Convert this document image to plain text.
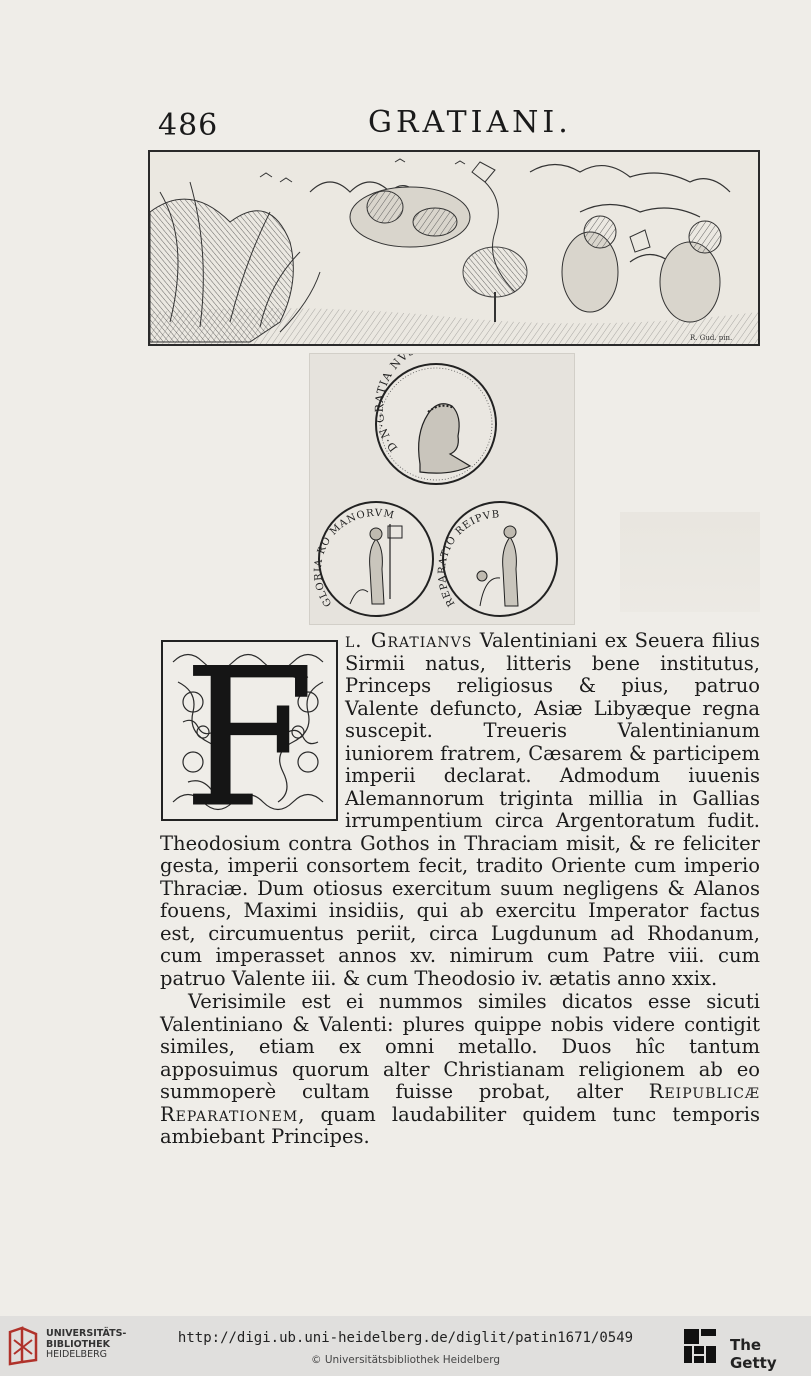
486	GRATIANI.
R. Gud. pin.
D·N·GRATIA NV
GLORIA RO MANORVM
REPARATIO REIPVB
F	l. Gratianvs Valentiniani ex Seuera filius Sirmii natus, litteris bene institutus, Princeps religiosus & pius, patruo Valente defuncto, Asiæ Libyæque regna suscepit. Treueris Valentinianum iuniorem fratrem, Cæsarem & participem imperii declarat. Admodum iuuenis Alemannorum triginta millia in Gallias irrumpentium circa Argentoratum fudit. Theodosium contra Gothos in Thraciam misit, & re feliciter gesta, imperii consortem fecit, tradito Oriente cum imperio Thraciæ. Dum otiosus exercitum suum negligens & Alanos fouens, Maximi insidiis, qui ab exercitu Imperator factus est, circumuentus periit, circa Lugdunum ad Rhodanum, cum imperasset annos xv. nimirum cum Patre viii. cum patruo Valente iii. & cum Theodosio iv. ætatis anno xxix.

Verisimile est ei nummos similes dicatos esse sicuti Valentiniano & Valenti: plures quippe nobis videre contigit similes, etiam ex omni metallo. Duos hîc tantum apposuimus quorum alter Christianam religionem ab eo summoperè cultam fuisse probat, alter Reipublicæ Reparationem, quam laudabiliter quidem tunc temporis ambiebant Principes.

UNIVERSITÄTS-
BIBLIOTHEK
HEIDELBERG
http://digi.ub.uni-heidelberg.de/diglit/patin1671/0549
© Universitätsbibliothek Heidelberg
The Getty
